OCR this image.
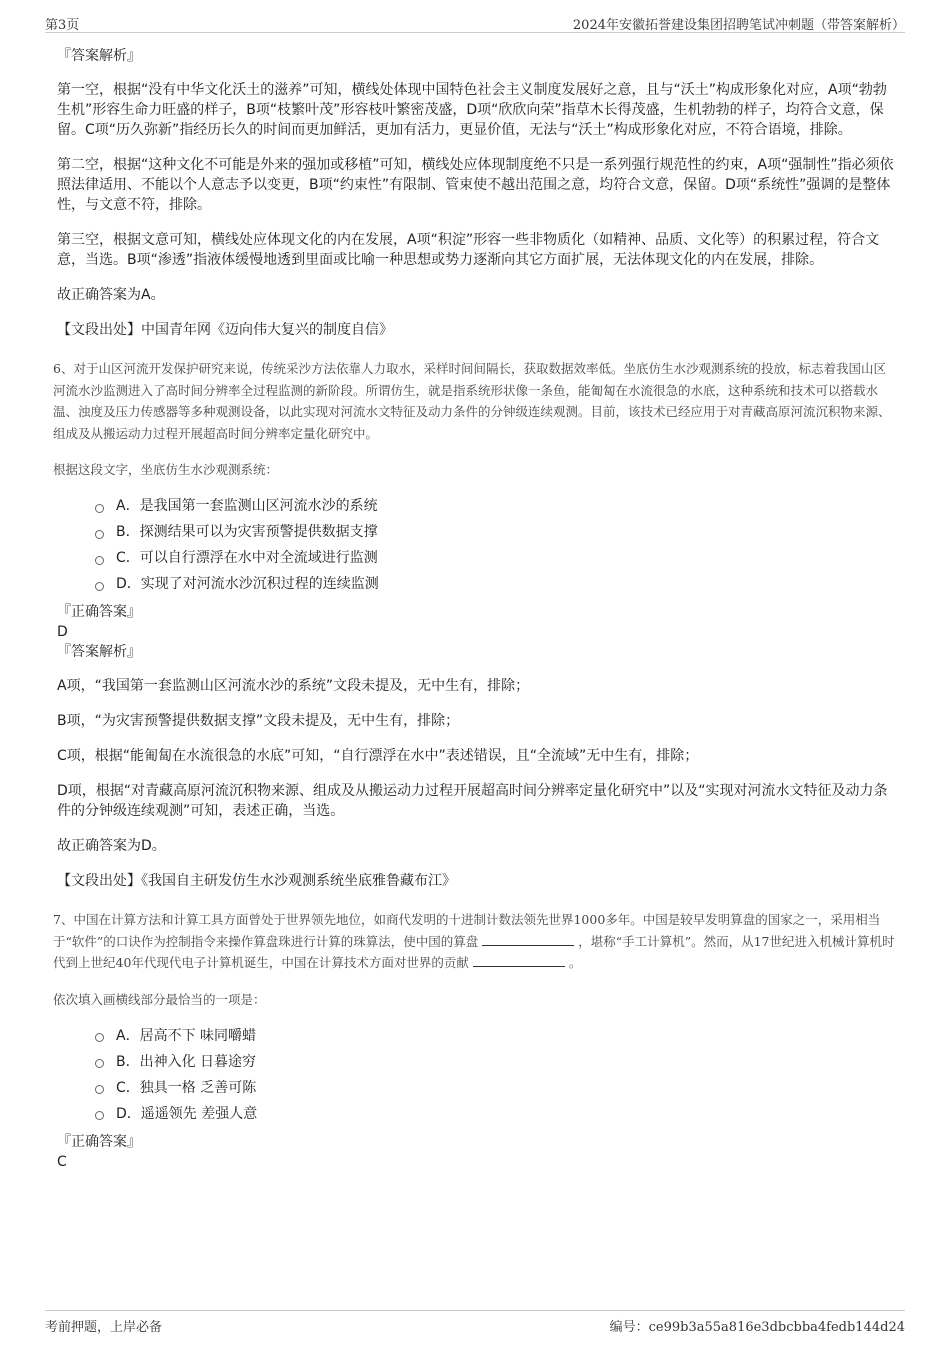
第3页	2024年安徽拓誉建设集团招聘笔试冲刺题（带答案解析）

『答案解析』

第一空，根据“没有中华文化沃土的滋养”可知，横线处体现中国特色社会主义制度发展好之意，且与“沃土”构成形象化对应，A项“勃勃生机”形容生命力旺盛的样子，B项“枝繁叶茂”形容枝叶繁密茂盛，D项“欣欣向荣”指草木长得茂盛，生机勃勃的样子，均符合文意，保留。C项“历久弥新”指经历长久的时间而更加鲜活，更加有活力，更显价值，无法与“沃土”构成形象化对应，不符合语境，排除。

第二空，根据“这种文化不可能是外来的强加或移植”可知，横线处应体现制度绝不只是一系列强行规范性的约束，A项“强制性”指必须依照法律适用、不能以个人意志予以变更，B项“约束性”有限制、管束使不越出范围之意，均符合文意，保留。D项“系统性”强调的是整体性，与文意不符，排除。

第三空，根据文意可知，横线处应体现文化的内在发展，A项“积淀”形容一些非物质化（如精神、品质、文化等）的积累过程，符合文意，当选。B项“渗透”指液体缓慢地透到里面或比喻一种思想或势力逐渐向其它方面扩展，无法体现文化的内在发展，排除。

故正确答案为A。

【文段出处】中国青年网《迈向伟大复兴的制度自信》

6、对于山区河流开发保护研究来说，传统采沙方法依靠人力取水，采样时间间隔长，获取数据效率低。坐底仿生水沙观测系统的投放，标志着我国山区河流水沙监测进入了高时间分辨率全过程监测的新阶段。所谓仿生，就是指系统形状像一条鱼，能匍匐在水流很急的水底，这种系统和技术可以搭载水温、浊度及压力传感器等多种观测设备，以此实现对河流水文特征及动力条件的分钟级连续观测。目前，该技术已经应用于对青藏高原河流沉积物来源、组成及从搬运动力过程开展超高时间分辨率定量化研究中。

根据这段文字，坐底仿生水沙观测系统：

A．是我国第一套监测山区河流水沙的系统
B．探测结果可以为灾害预警提供数据支撑
C．可以自行漂浮在水中对全流域进行监测
D．实现了对河流水沙沉积过程的连续监测

『正确答案』

D

『答案解析』

A项，“我国第一套监测山区河流水沙的系统”文段未提及，无中生有，排除；

B项，“为灾害预警提供数据支撑”文段未提及，无中生有，排除；

C项，根据“能匍匐在水流很急的水底”可知，“自行漂浮在水中”表述错误，且“全流域”无中生有，排除；

D项，根据“对青藏高原河流沉积物来源、组成及从搬运动力过程开展超高时间分辨率定量化研究中”以及“实现对河流水文特征及动力条件的分钟级连续观测”可知，表述正确，当选。

故正确答案为D。

【文段出处】《我国自主研发仿生水沙观测系统坐底雅鲁藏布江》

7、中国在计算方法和计算工具方面曾处于世界领先地位，如商代发明的十进制计数法领先世界1000多年。中国是较早发明算盘的国家之一，采用相当于“软件”的口诀作为控制指令来操作算盘珠进行计算的珠算法，使中国的算盘	，堪称“手工计算机”。然而，从17世纪进入机械计算机时代到上世纪40年代现代电子计算机诞生，中国在计算技术方面对世界的贡献	。

依次填入画横线部分最恰当的一项是：

A．居高不下 味同嚼蜡
B．出神入化 日暮途穷
C．独具一格 乏善可陈
D．遥遥领先 差强人意

『正确答案』

C

考前押题，上岸必备	编号：ce99b3a55a816e3dbcbba4fedb144d24
